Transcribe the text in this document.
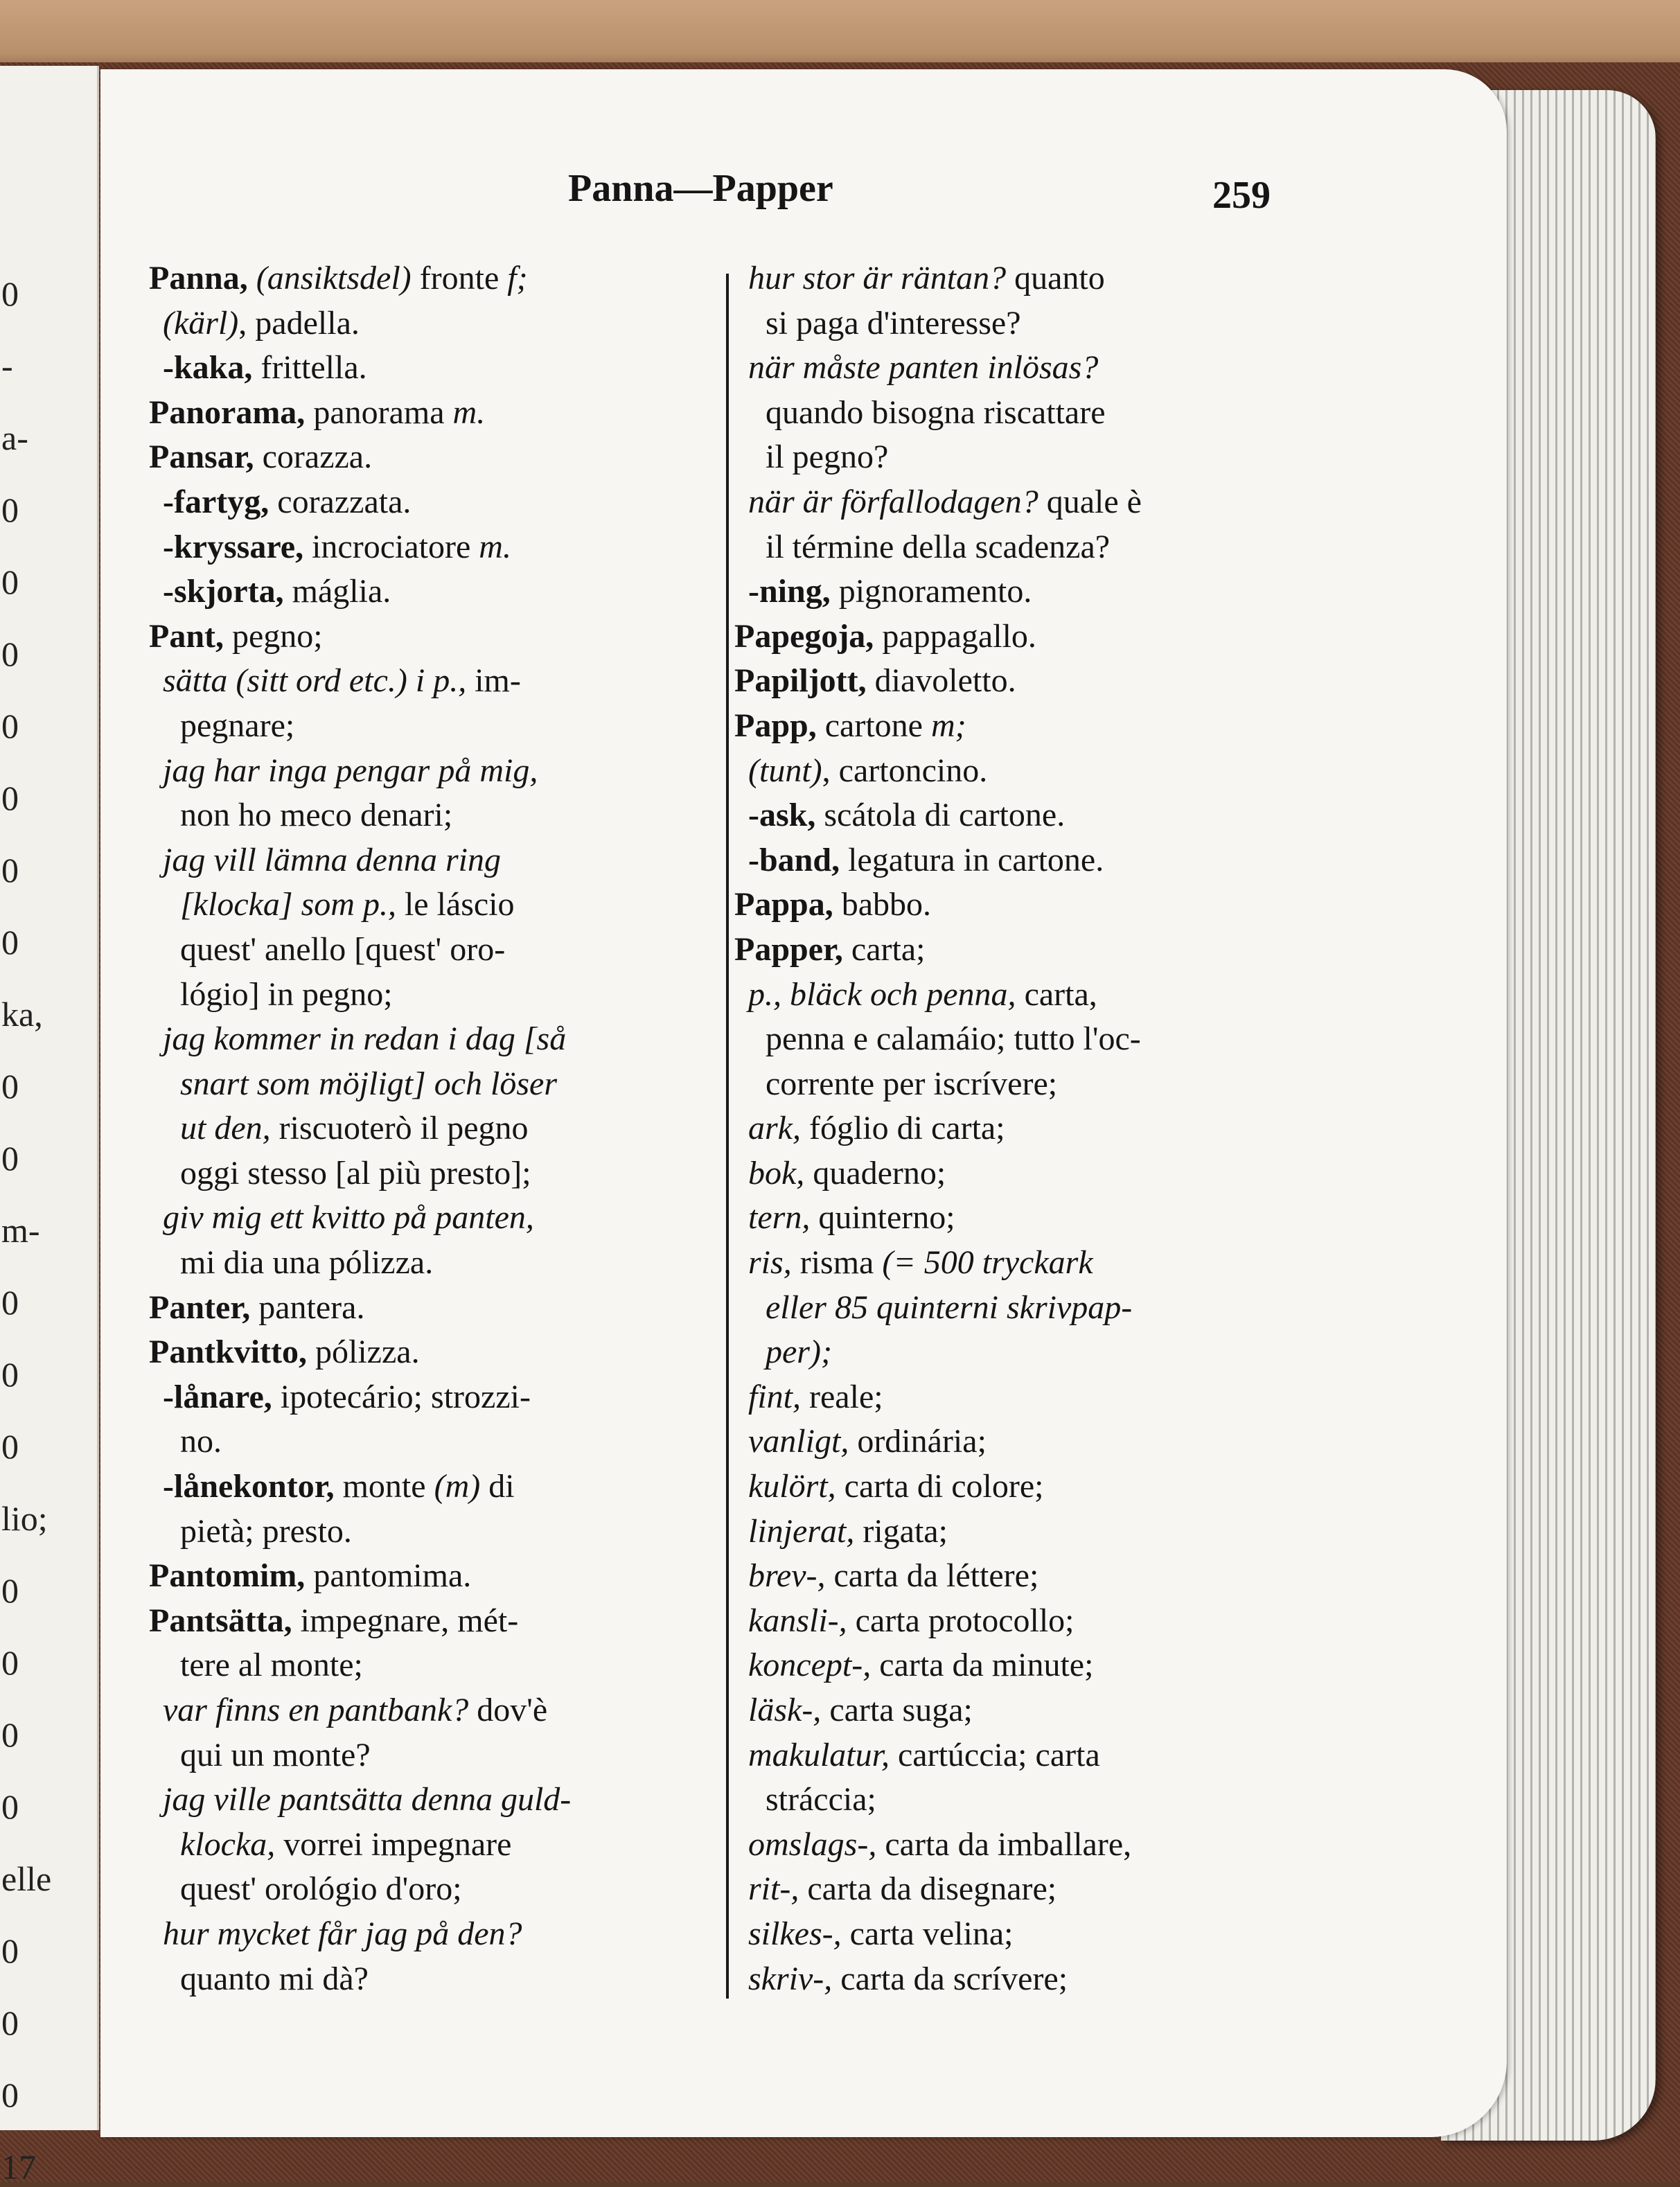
0
-
a-
0
0
0
0
0
0
0
ka,
0
0
m-
0
0
0
lio;
0
0
0
0
elle
0
0
0
17
Panna—Papper	259
Panna, (ansiktsdel) fronte f;
(kärl), padella.
-kaka, frittella.
Panorama, panorama m.
Pansar, corazza.
-fartyg, corazzata.
-kryssare, incrociatore m.
-skjorta, máglia.
Pant, pegno;
sätta (sitt ord etc.) i p., im-
pegnare;
jag har inga pengar på mig,
non ho meco denari;
jag vill lämna denna ring
[klocka] som p., le láscio
quest' anello [quest' oro-
lógio] in pegno;
jag kommer in redan i dag [så
snart som möjligt] och löser
ut den, riscuoterò il pegno
oggi stesso [al più presto];
giv mig ett kvitto på panten,
mi dia una pólizza.
Panter, pantera.
Pantkvitto, pólizza.
-lånare, ipotecário; strozzi-
no.
-lånekontor, monte (m) di
pietà; presto.
Pantomim, pantomima.
Pantsätta, impegnare, mét-
tere al monte;
var finns en pantbank? dov'è
qui un monte?
jag ville pantsätta denna guld-
klocka, vorrei impegnare
quest' orológio d'oro;
hur mycket får jag på den?
quanto mi dà?
hur stor är räntan? quanto
si paga d'interesse?
när måste panten inlösas?
quando bisogna riscattare
il pegno?
när är förfallodagen? quale è
il términe della scadenza?
-ning, pignoramento.
Papegoja, pappagallo.
Papiljott, diavoletto.
Papp, cartone m;
(tunt), cartoncino.
-ask, scátola di cartone.
-band, legatura in cartone.
Pappa, babbo.
Papper, carta;
p., bläck och penna, carta,
penna e calamáio; tutto l'oc-
corrente per iscrívere;
ark, fóglio di carta;
bok, quaderno;
tern, quinterno;
ris, risma (= 500 tryckark
eller 85 quinterni skrivpap-
per);
fint, reale;
vanligt, ordinária;
kulört, carta di colore;
linjerat, rigata;
brev-, carta da léttere;
kansli-, carta protocollo;
koncept-, carta da minute;
läsk-, carta suga;
makulatur, cartúccia; carta
stráccia;
omslags-, carta da imballare,
rit-, carta da disegnare;
silkes-, carta velina;
skriv-, carta da scrívere;
